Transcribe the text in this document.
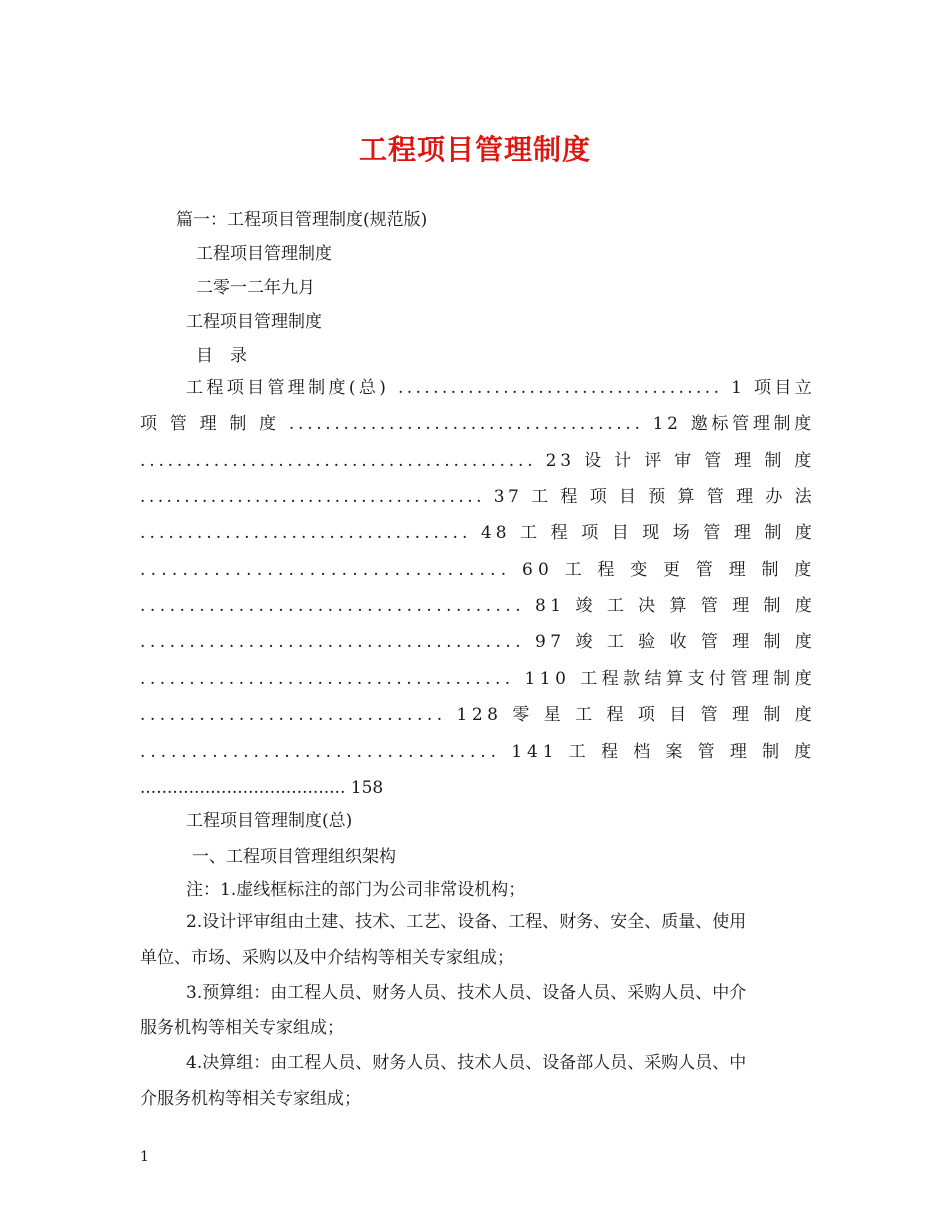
工程项目管理制度
篇一：工程项目管理制度(规范版)
工程项目管理制度
二零一二年九月
工程项目管理制度
目　录
工 程 项 目 管 理 制 度 ( 总 )
. . . . . . . . . . . . . . . . . . . . . . . . . . . . . . . . . . . . .
1
项 目 立
项
管
理
制
度
. . . . . . . . . . . . . . . . . . . . . . . . . . . . . . . . . . . . . . .
1 2
邀 标 管 理 制 度
. . . . . . . . . . . . . . . . . . . . . . . . . . . . . . . . . . . . . . . . . . .
2 3
设
计
评
审
管
理
制
度
. . . . . . . . . . . . . . . . . . . . . . . . . . . . . . . . . . . . . . .
3 7
工
程
项
目
预
算
管
理
办
法
. . . . . . . . . . . . . . . . . . . . . . . . . . . . . . . . . . .
4 8
工
程
项
目
现
场
管
理
制
度
. . . . . . . . . . . . . . . . . . . . . . . . . . . . . . . . . . .
6 0
工
程
变
更
管
理
制
度
. . . . . . . . . . . . . . . . . . . . . . . . . . . . . . . . . . . . . . .
8 1
竣
工
决
算
管
理
制
度
. . . . . . . . . . . . . . . . . . . . . . . . . . . . . . . . . . . . . . .
9 7
竣
工
验
收
管
理
制
度
. . . . . . . . . . . . . . . . . . . . . . . . . . . . . . . . . . . . . .
1 1 0
工 程 款 结 算 支 付 管 理 制 度
. . . . . . . . . . . . . . . . . . . . . . . . . . . . . . .
1 2 8
零
星
工
程
项
目
管
理
制
度
. . . . . . . . . . . . . . . . . . . . . . . . . . . . . . . . . . .
1 4 1
工
程
档
案
管
理
制
度
...................................... 158
工程项目管理制度(总)
一、工程项目管理组织架构
注：1.虚线框标注的部门为公司非常设机构；
2.设计评审组由土建、技术、工艺、设备、工程、财务、安全、质量、使用
单位、市场、采购以及中介结构等相关专家组成；
3.预算组：由工程人员、财务人员、技术人员、设备人员、采购人员、中介
服务机构等相关专家组成；
4.决算组：由工程人员、财务人员、技术人员、设备部人员、采购人员、中
介服务机构等相关专家组成；
1
